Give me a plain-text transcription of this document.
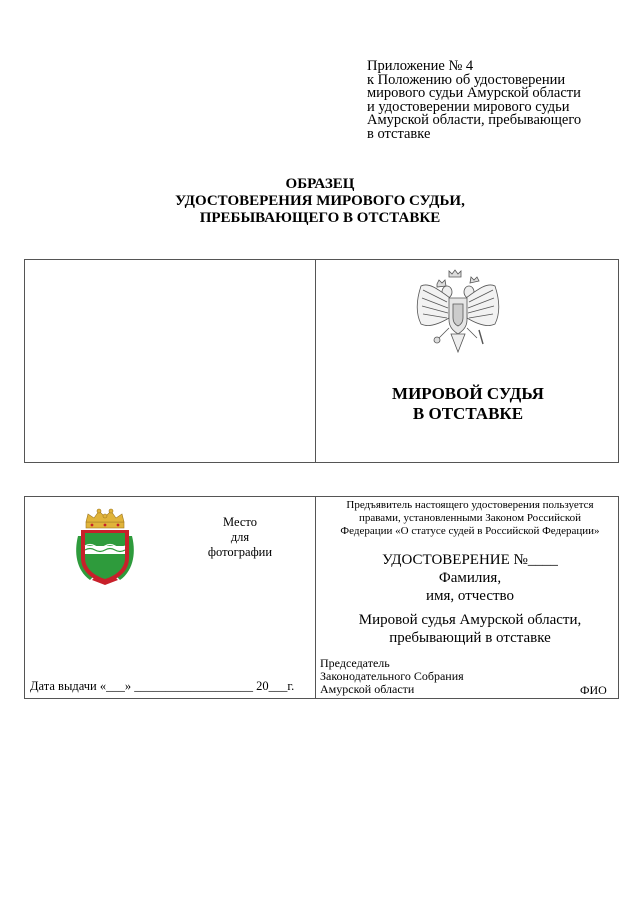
Приложение № 4
к Положению об удостоверении
мирового судьи Амурской области
и удостоверении мирового судьи
Амурской области, пребывающего
в отставке
ОБРАЗЕЦ
УДОСТОВЕРЕНИЯ МИРОВОГО СУДЬИ,
ПРЕБЫВАЮЩЕГО В ОТСТАВКЕ
МИРОВОЙ СУДЬЯ
В ОТСТАВКЕ
Место
для
фотографии
Дата выдачи «___» ___________________ 20___г.
Предъявитель настоящего удостоверения пользуется
правами, установленными Законом Российской
Федерации «О статусе судей в Российской Федерации»
УДОСТОВЕРЕНИЕ №____
Фамилия,
имя, отчество
Мировой судья Амурской области,
пребывающий в отставке
Председатель
Законодательного Собрания
Амурской области	ФИО
